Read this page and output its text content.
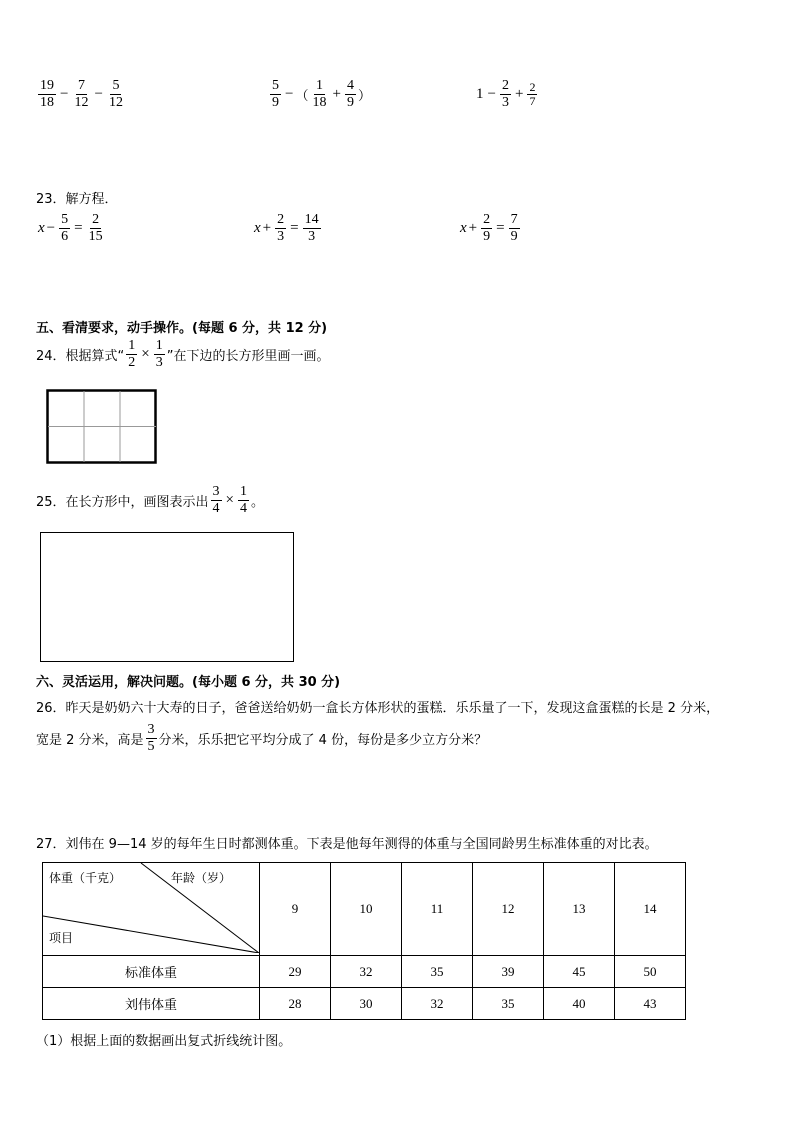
$\frac{19}{18} - \frac{7}{12} - \frac{5}{12}$	$\frac{5}{9}$ − （ $\frac{1}{18} + \frac{4}{9}$ ）	$1 - \frac{2}{3} + \frac{2}{7}$
23．解方程．
$x - \frac{5}{6} = \frac{2}{15}$	$x + \frac{2}{3} = \frac{14}{3}$	$x + \frac{2}{9} = \frac{7}{9}$
五、看清要求，动手操作。(每题 6 分，共 12 分)
24．根据算式“ $\frac{1}{2} \times \frac{1}{3}$ ”在下边的长方形里画一画。
25．在长方形中，画图表示出 $\frac{3}{4} \times \frac{1}{4}$ 。
六、灵活运用，解决问题。(每小题 6 分，共 30 分)
26．昨天是奶奶六十大寿的日子，爸爸送给奶奶一盒长方体形状的蛋糕．乐乐量了一下，发现这盒蛋糕的长是 2 分米，
宽是 2 分米，高是 $\frac{3}{5}$ 分米，乐乐把它平均分成了 4 份，每份是多少立方分米？
27．刘伟在 9—14 岁的每年生日时都测体重。下表是他每年测得的体重与全国同龄男生标准体重的对比表。
体重（千克） 年龄（岁）
项目	9	10	11	12	13	14
标准体重	29	32	35	39	45	50
刘伟体重	28	30	32	35	40	43
（1）根据上面的数据画出复式折线统计图。
